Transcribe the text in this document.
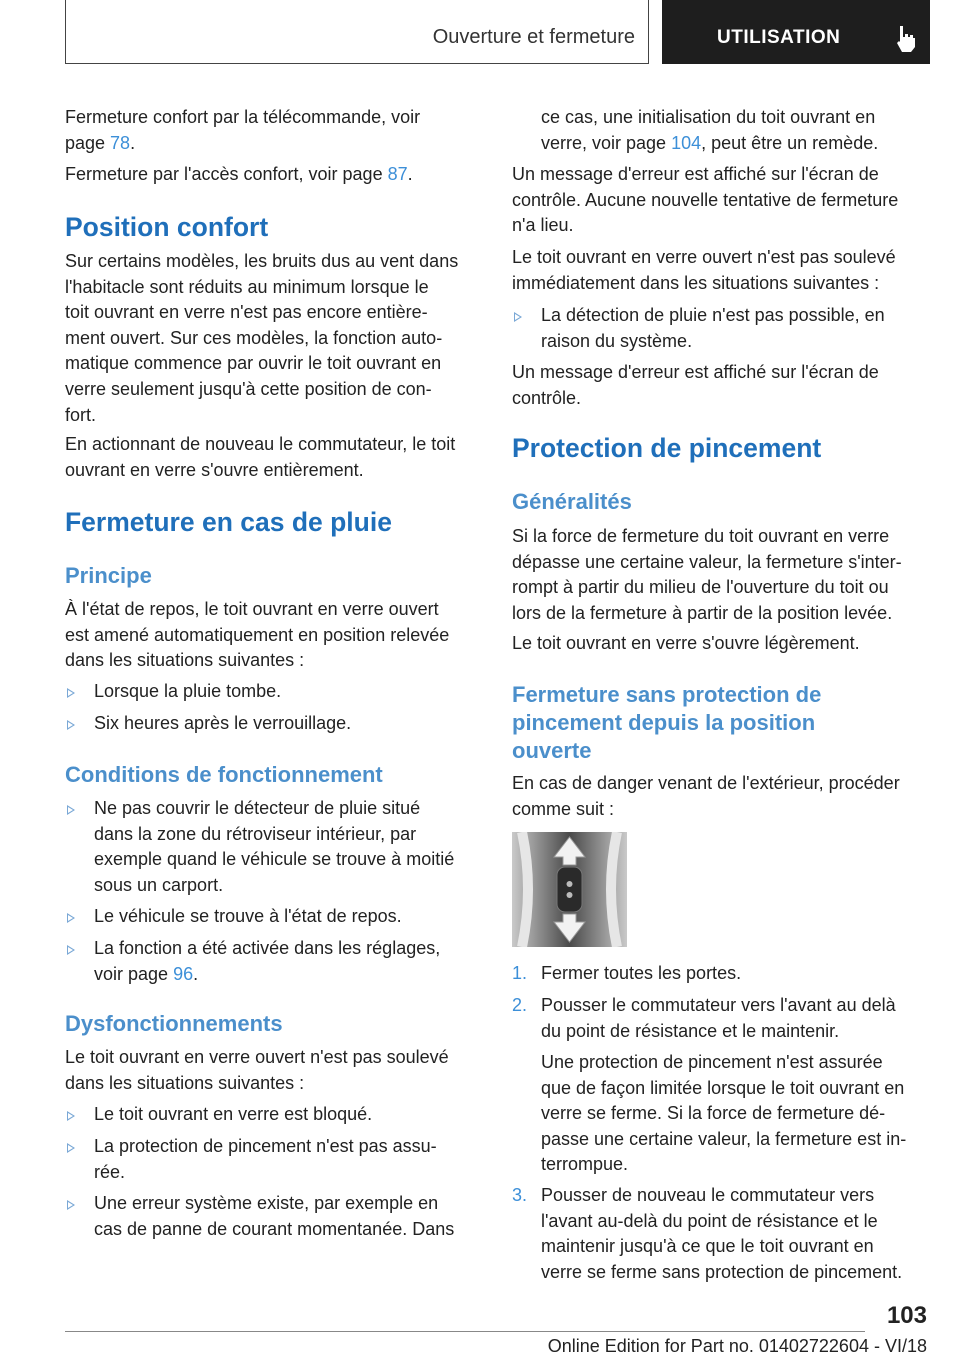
Ouverture et fermeture	UTILISATION

Fermeture confort par la télécommande, voir

page 78.

Fermeture par l'accès confort, voir page 87.

Position confort

Sur certains modèles, les bruits dus au vent dans

l'habitacle sont réduits au minimum lorsque le

toit ouvrant en verre n'est pas encore entière-

ment ouvert. Sur ces modèles, la fonction auto-

matique commence par ouvrir le toit ouvrant en

verre seulement jusqu'à cette position de con-

fort.

En actionnant de nouveau le commutateur, le toit

ouvrant en verre s'ouvre entièrement.

Fermeture en cas de pluie
Principe

À l'état de repos, le toit ouvrant en verre ouvert

est amené automatiquement en position relevée

dans les situations suivantes :

Lorsque la pluie tombe.
Six heures après le verrouillage.
Conditions de fonctionnement
Ne pas couvrir le détecteur de pluie situé
dans la zone du rétroviseur intérieur, par
exemple quand le véhicule se trouve à moitié
sous un carport.
Le véhicule se trouve à l'état de repos.
La fonction a été activée dans les réglages,
voir page 96.
Dysfonctionnements

Le toit ouvrant en verre ouvert n'est pas soulevé

dans les situations suivantes :

Le toit ouvrant en verre est bloqué.
La protection de pincement n'est pas assu-
rée.
Une erreur système existe, par exemple en
cas de panne de courant momentanée. Dans
ce cas, une initialisation du toit ouvrant en
verre, voir page 104, peut être un remède.

Un message d'erreur est affiché sur l'écran de

contrôle. Aucune nouvelle tentative de fermeture

n'a lieu.

Le toit ouvrant en verre ouvert n'est pas soulevé

immédiatement dans les situations suivantes :

La détection de pluie n'est pas possible, en
raison du système.

Un message d'erreur est affiché sur l'écran de

contrôle.

Protection de pincement
Généralités

Si la force de fermeture du toit ouvrant en verre

dépasse une certaine valeur, la fermeture s'inter-

rompt à partir du milieu de l'ouverture du toit ou

lors de la fermeture à partir de la position levée.

Le toit ouvrant en verre s'ouvre légèrement.

Fermeture sans protection de
pincement depuis la position
ouverte

En cas de danger venant de l'extérieur, procéder

comme suit :

1. Fermer toutes les portes.
2. Pousser le commutateur vers l'avant au delà
du point de résistance et le maintenir.
Une protection de pincement n'est assurée
que de façon limitée lorsque le toit ouvrant en
verre se ferme. Si la force de fermeture dé-
passe une certaine valeur, la fermeture est in-
terrompue.
3. Pousser de nouveau le commutateur vers
l'avant au-delà du point de résistance et le
maintenir jusqu'à ce que le toit ouvrant en
verre se ferme sans protection de pincement.
103
Online Edition for Part no. 01402722604 - VI/18
